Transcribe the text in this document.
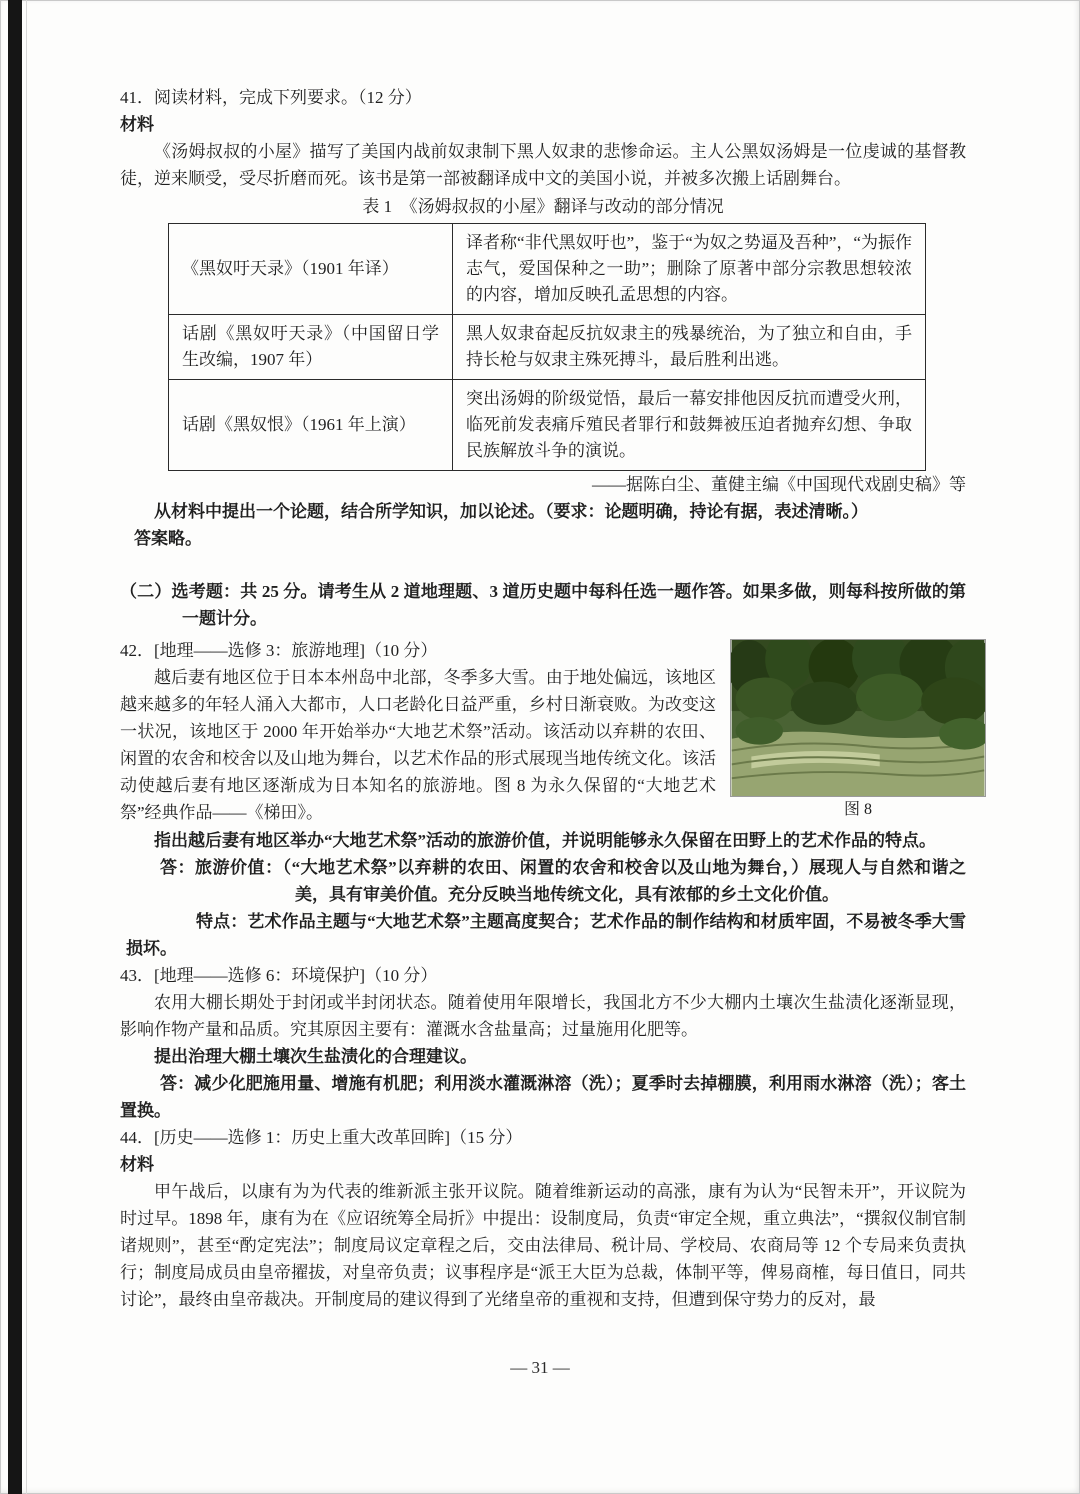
41．阅读材料，完成下列要求。（12 分）

材料

《汤姆叔叔的小屋》描写了美国内战前奴隶制下黑人奴隶的悲惨命运。主人公黑奴汤姆是一位虔诚的基督教徒，逆来顺受，受尽折磨而死。该书是第一部被翻译成中文的美国小说，并被多次搬上话剧舞台。

表 1　《汤姆叔叔的小屋》翻译与改动的部分情况

《黑奴吁天录》（1901 年译）	译者称“非代黑奴吁也”，鉴于“为奴之势逼及吾种”，“为振作志气，爱国保种之一助”；删除了原著中部分宗教思想较浓的内容，增加反映孔孟思想的内容。
话剧《黑奴吁天录》（中国留日学生改编，1907 年）	黑人奴隶奋起反抗奴隶主的残暴统治，为了独立和自由，手持长枪与奴隶主殊死搏斗，最后胜利出逃。
话剧《黑奴恨》（1961 年上演）	突出汤姆的阶级觉悟，最后一幕安排他因反抗而遭受火刑，临死前发表痛斥殖民者罪行和鼓舞被压迫者抛弃幻想、争取民族解放斗争的演说。

——据陈白尘、董健主编《中国现代戏剧史稿》等

从材料中提出一个论题，结合所学知识，加以论述。（要求：论题明确，持论有据，表述清晰。）

答案略。

（二）选考题：共 25 分。请考生从 2 道地理题、3 道历史题中每科任选一题作答。如果多做，则每科按所做的第一题计分。

图 8

42．[地理——选修 3：旅游地理]（10 分）

越后妻有地区位于日本本州岛中北部，冬季多大雪。由于地处偏远，该地区越来越多的年轻人涌入大都市，人口老龄化日益严重，乡村日渐衰败。为改变这一状况，该地区于 2000 年开始举办“大地艺术祭”活动。该活动以弃耕的农田、闲置的农舍和校舍以及山地为舞台，以艺术作品的形式展现当地传统文化。该活动使越后妻有地区逐渐成为日本知名的旅游地。图 8 为永久保留的“大地艺术祭”经典作品——《梯田》。

指出越后妻有地区举办“大地艺术祭”活动的旅游价值，并说明能够永久保留在田野上的艺术作品的特点。

答：旅游价值：（“大地艺术祭”以弃耕的农田、闲置的农舍和校舍以及山地为舞台，）展现人与自然和谐之美，具有审美价值。充分反映当地传统文化，具有浓郁的乡土文化价值。

特点：艺术作品主题与“大地艺术祭”主题高度契合；艺术作品的制作结构和材质牢固，不易被冬季大雪损坏。

43．[地理——选修 6：环境保护]（10 分）

农用大棚长期处于封闭或半封闭状态。随着使用年限增长，我国北方不少大棚内土壤次生盐渍化逐渐显现，影响作物产量和品质。究其原因主要有：灌溉水含盐量高；过量施用化肥等。

提出治理大棚土壤次生盐渍化的合理建议。

答：减少化肥施用量、增施有机肥；利用淡水灌溉淋溶（洗）；夏季时去掉棚膜，利用雨水淋溶（洗）；客土置换。

44．[历史——选修 1：历史上重大改革回眸]（15 分）

材料

甲午战后，以康有为为代表的维新派主张开议院。随着维新运动的高涨，康有为认为“民智未开”，开议院为时过早。1898 年，康有为在《应诏统筹全局折》中提出：设制度局，负责“审定全规，重立典法”，“撰叙仪制官制诸规则”，甚至“酌定宪法”；制度局议定章程之后，交由法律局、税计局、学校局、农商局等 12 个专局来负责执行；制度局成员由皇帝擢拔，对皇帝负责；议事程序是“派王大臣为总裁，体制平等，俾易商榷，每日值日，同共讨论”，最终由皇帝裁决。开制度局的建议得到了光绪皇帝的重视和支持，但遭到保守势力的反对，最

— 31 —
